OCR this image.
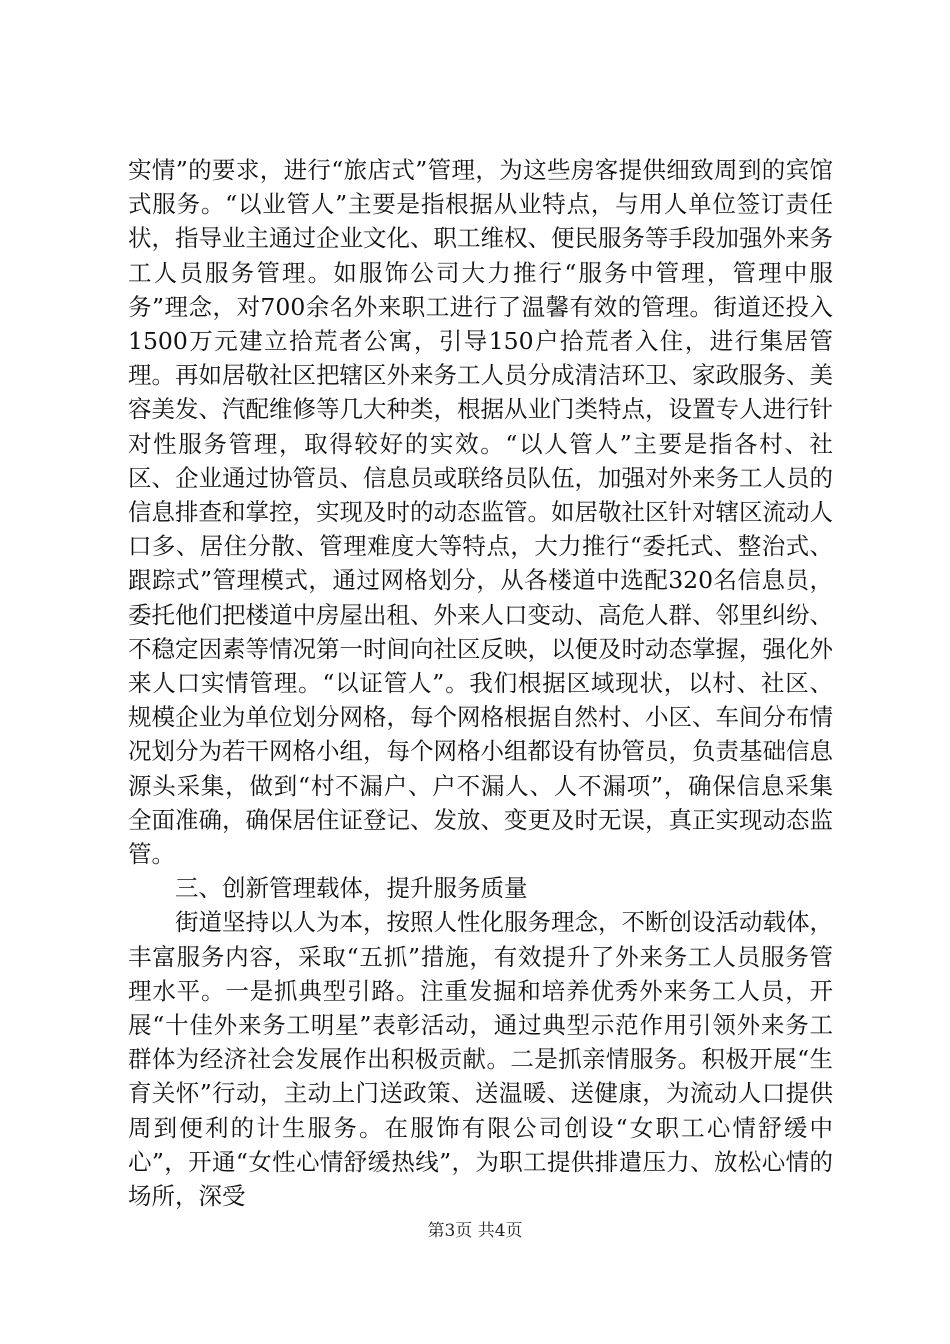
实情”的要求，进行“旅店式”管理，为这些房客提供细致周到的宾馆式服务。“以业管人”主要是指根据从业特点，与用人单位签订责任状，指导业主通过企业文化、职工维权、便民服务等手段加强外来务工人员服务管理。如服饰公司大力推行“服务中管理，管理中服务”理念，对700余名外来职工进行了温馨有效的管理。街道还投入1500万元建立拾荒者公寓，引导150户拾荒者入住，进行集居管理。再如居敬社区把辖区外来务工人员分成清洁环卫、家政服务、美容美发、汽配维修等几大种类，根据从业门类特点，设置专人进行针对性服务管理，取得较好的实效。“以人管人”主要是指各村、社区、企业通过协管员、信息员或联络员队伍，加强对外来务工人员的信息排查和掌控，实现及时的动态监管。如居敬社区针对辖区流动人口多、居住分散、管理难度大等特点，大力推行“委托式、整治式、跟踪式”管理模式，通过网格划分，从各楼道中选配320名信息员，委托他们把楼道中房屋出租、外来人口变动、高危人群、邻里纠纷、不稳定因素等情况第一时间向社区反映，以便及时动态掌握，强化外来人口实情管理。“以证管人”。我们根据区域现状，以村、社区、规模企业为单位划分网格，每个网格根据自然村、小区、车间分布情况划分为若干网格小组，每个网格小组都设有协管员，负责基础信息源头采集，做到“村不漏户、户不漏人、人不漏项”，确保信息采集全面准确，确保居住证登记、发放、变更及时无误，真正实现动态监管。

三、创新管理载体，提升服务质量

街道坚持以人为本，按照人性化服务理念，不断创设活动载体，丰富服务内容，采取“五抓”措施，有效提升了外来务工人员服务管理水平。一是抓典型引路。注重发掘和培养优秀外来务工人员，开展“十佳外来务工明星”表彰活动，通过典型示范作用引领外来务工群体为经济社会发展作出积极贡献。二是抓亲情服务。积极开展“生育关怀”行动，主动上门送政策、送温暖、送健康，为流动人口提供周到便利的计生服务。在服饰有限公司创设“女职工心情舒缓中心”，开通“女性心情舒缓热线”，为职工提供排遣压力、放松心情的场所，深受

第3页 共4页
